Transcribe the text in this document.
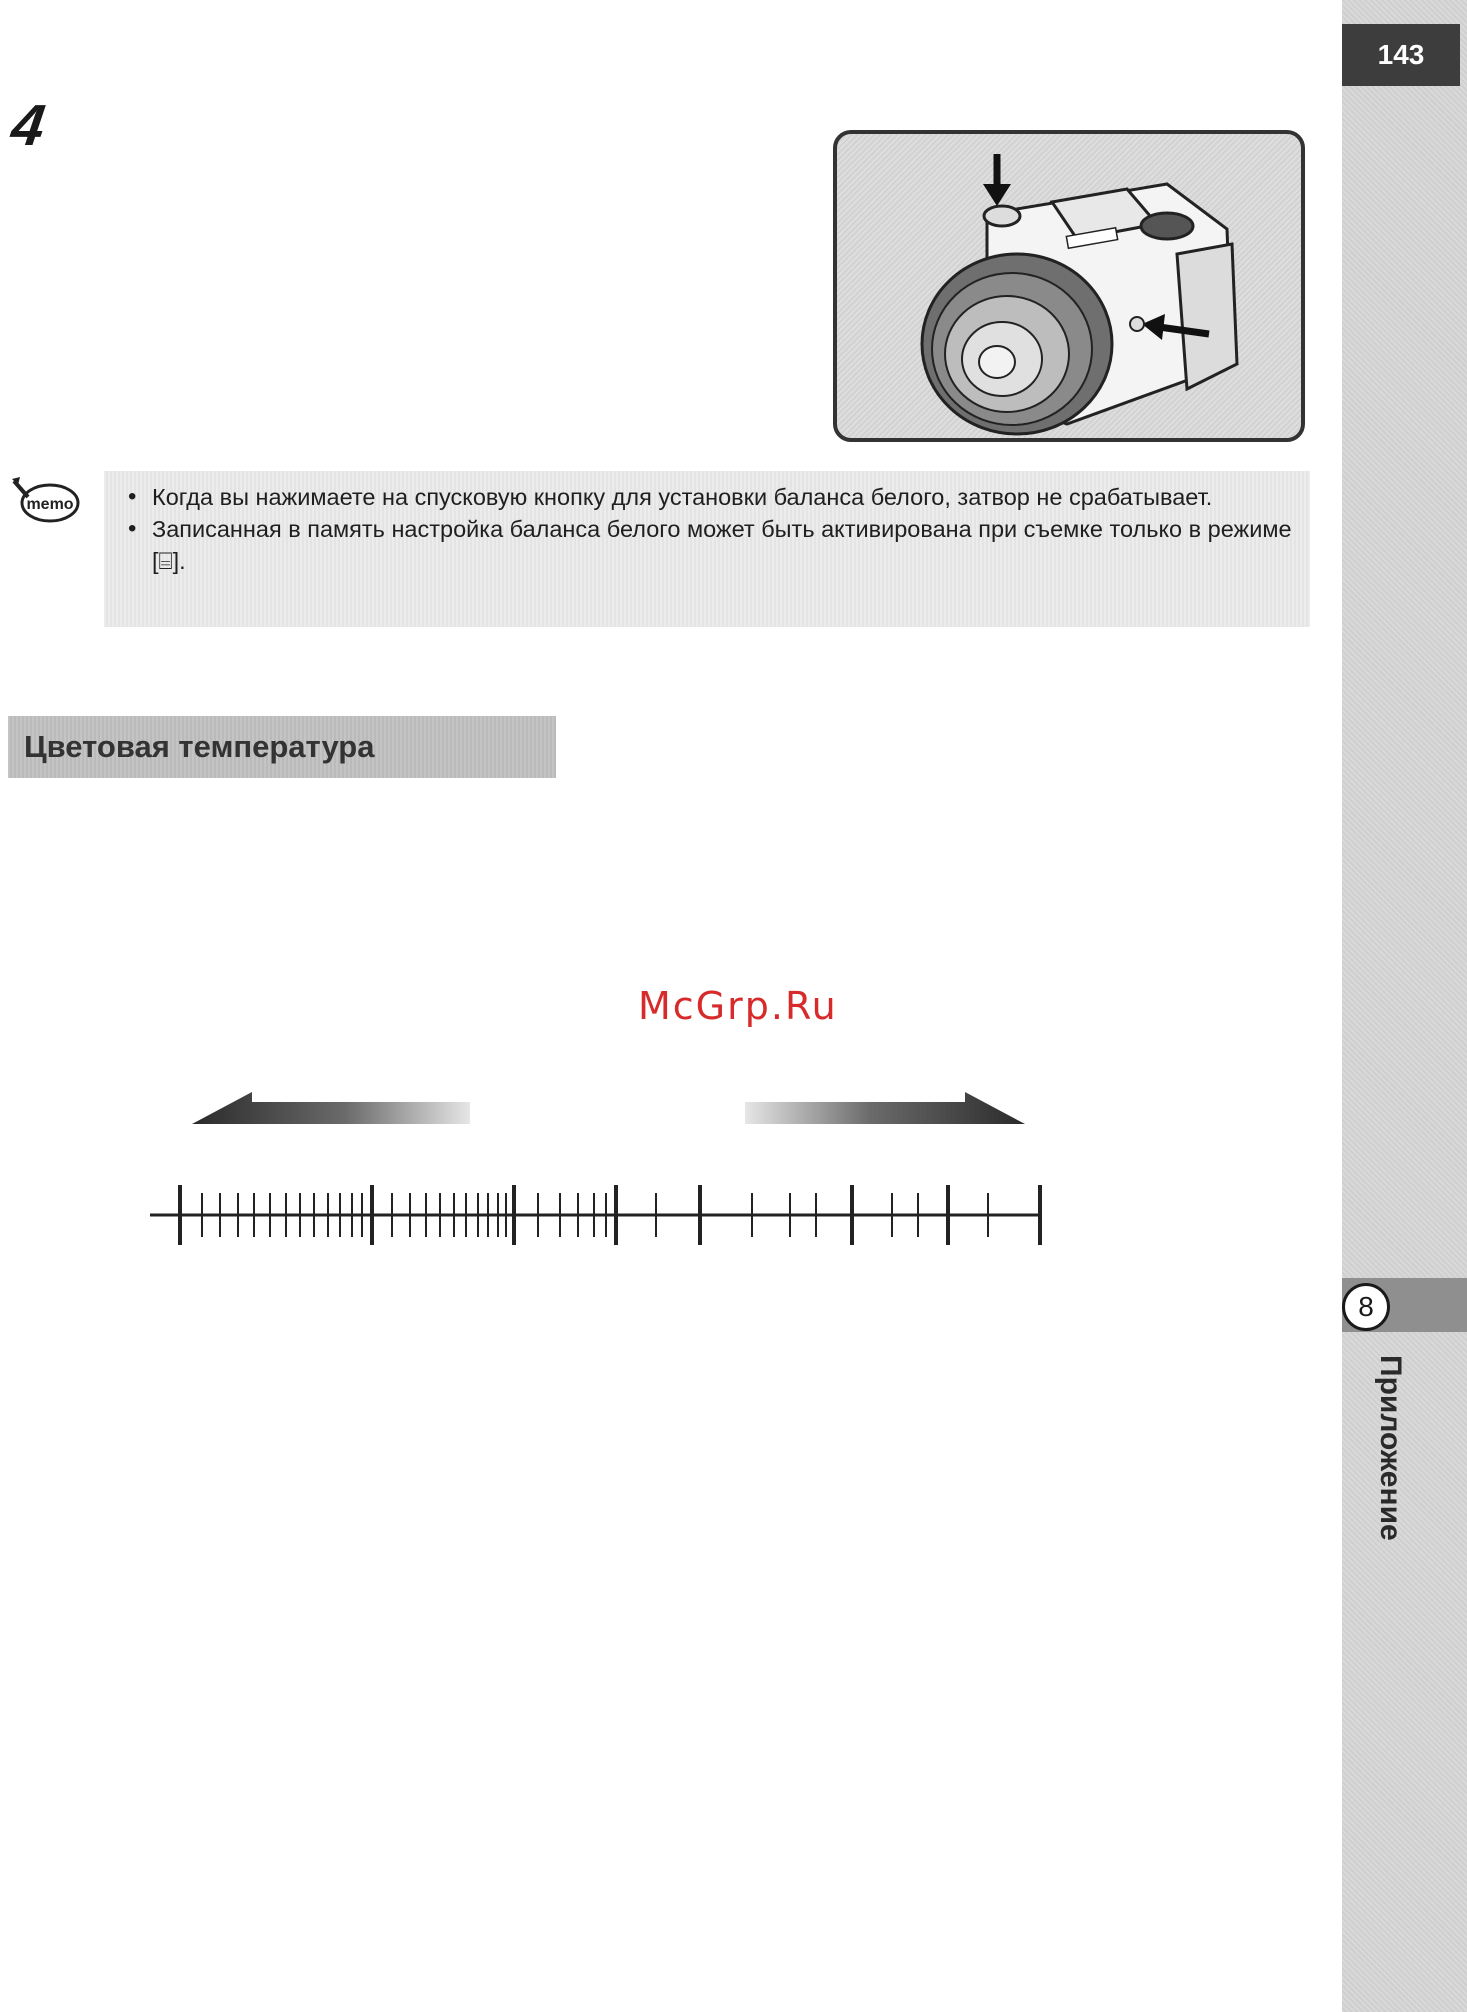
143
8
Приложение
4
memo
•	Когда вы нажимаете на спусковую кнопку для установки баланса белого, затвор не срабатывает.
• Записанная в память настройка баланса белого может быть активирована при съемке только в режиме [⌸].
Цветовая температура
McGrp.Ru
